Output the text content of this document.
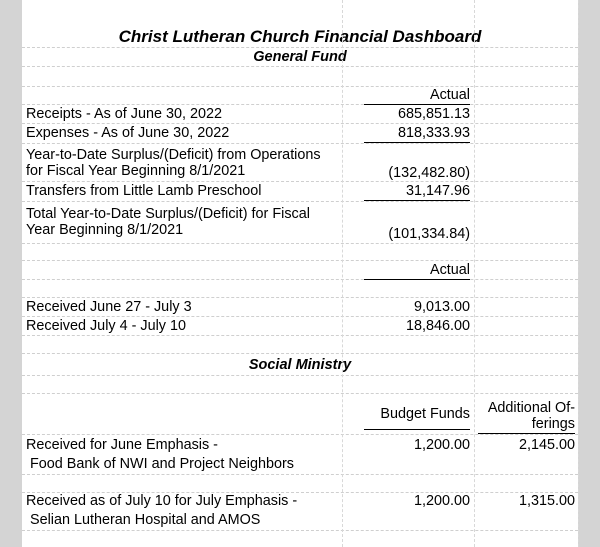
Christ Lutheran Church Financial Dashboard
General Fund
Actual
Receipts - As of June 30, 2022	685,851.13
Expenses - As of June 30, 2022	818,333.93
Year-to-Date Surplus/(Deficit) from Operations
for Fiscal Year Beginning 8/1/2021	(132,482.80)
Transfers from Little Lamb Preschool	31,147.96
Total Year-to-Date Surplus/(Deficit) for Fiscal
Year Beginning 8/1/2021	(101,334.84)
Actual
Received June 27 - July 3	9,013.00
Received July 4 - July 10	18,846.00
Social Ministry
Budget Funds	Additional Of-
ferings
Received for June Emphasis -
Food Bank of NWI and Project Neighbors
1,200.00	2,145.00
Received as of July 10 for July Emphasis -
Selian Lutheran Hospital and AMOS
1,200.00	1,315.00
